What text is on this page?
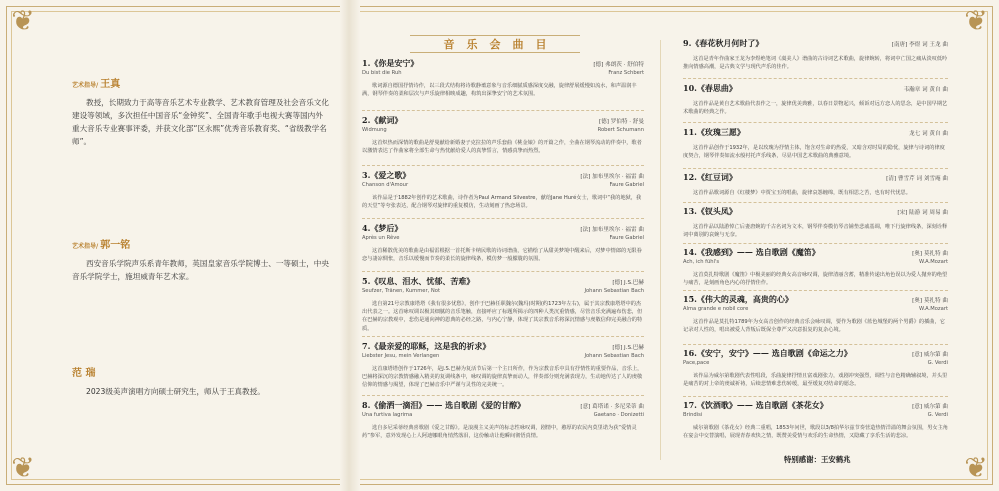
❦	❦
❦	❦
艺术指导/ 王真

教授，长期致力于高等音乐艺术专业教学、艺术教育管理及社会音乐文化建设等领域，多次担任中国音乐“金钟奖”、全国青年歌手电视大赛等国内外重大音乐专业赛事评委，并获文化部“区永熙”优秀音乐教育奖、“省级教学名师”。

艺术指导/ 郭一铭

西安音乐学院声乐系青年教师，英国皇家音乐学院博士、一等硕士，中央音乐学院学士，施坦威青年艺术家。

范 瑞

2023级美声演唱方向硕士研究生，师从于王真教授。

音乐会曲目
1.《你是安宁》	[德] 弗朗茨 · 舒伯特
Du bist die Ruh	Franz Schbert

歌词源自德国抒情诗作，以三段式结构将诗歌静谧意象与音乐细腻质感深度交融，旋律舒展缓慢如流水，和声温润丰满，钢琴伴奏的柔和层次与声乐旋律相映成趣，构筑出深挚安宁的艺术氛围。

2.《献词》	[德] 罗伯特 · 舒曼
Widmung	Robert Schumann

这首炽热而深情的歌曲是舒曼献给新婚妻子克拉拉的声乐套曲《桃金娘》的开篇之作，全曲在钢琴流动的伴奏中，歌者以激情表达了作曲家将全部生命与热忱献给爱人的真挚誓言，情感真挚而热烈。

3.《爱之歌》	[法] 加布里埃尔 · 福雷 曲
Chanson d'Amour	Faure Gabriel

该作品是于1882年创作的艺术歌曲，诗作者为Paul Armand Silvestre，献给Jane Huré女士，歌词中“我的地狱，我的天堂”等夸张表达，配合钢琴对旋律的重复模仿，生动刻画了热恋场景。

4.《梦后》	[法] 加布里埃尔 · 福雷 曲
Après un Rêve	Faure Gabriel

这首稀散优美的歌曲是由福雷根据一首托斯卡纳民歌的诗词谱曲，它描绘了从甜美梦境中醒来后，对梦中情郎的无限眷恋与凄凉惆怅，音乐以缓慢而节奏的柔长的旋律线条，模仿梦一般朦胧的氛围。

5.《叹息、泪水、忧郁、苦难》	[德] J.S.巴赫
Seufzer, Tränen, Kummer, Not	Johann Sebastian Bach

选自第21号宗教康塔塔《我有很多忧愁》，创作于巴赫任职魏尔(魏玛)时期(约1723年左右)，属于其宗教康塔塔中的杰出代表之一。这首咏叹调以极其细腻的音乐笔触，直接呼应了标题所揭示的四种人类沉重情感，尽管音乐充满遍布伤悲，但在巴赫的宗教观中，悲伤是通向神的恩典的必经之路，与内心宁静，体现了其宗教音乐将深沉情感与虔敬信仰完美融合的特质。

7.《最亲爱的耶稣，这是我的祈求》	[德] J.S.巴赫
Liebster Jesu, mein Verlangen	Johann Sebastian Bach

这首康塔塔创作于1726年，是J.S.巴赫为复活节后第一个主日所作，作为宗教音乐中具有抒情性的重要作品，音乐上，巴赫将深沉的宗教情感融入精美的复调线条中，咏叹调的旋律真挚而动人，伴奏部分则充满表现力，生动地传达了人的虔敬信仰的情感与渴望，体现了巴赫音乐中严谨与灵性的完美统一。

8.《偷洒一滴泪》—— 选自歌剧《爱的甘醇》	[意] 葛塔诺 · 多尼采蒂 曲
Una furtiva lagrima	Gaetano · Donizetti

选自多尼采蒂经典喜歌剧《爱之甘醇》。是浪漫主义美声的标志性咏叹调，剧情中，憨厚的农民内莫里诺为获“爱情灵药”参军，意外发现心上人阿迪娜眼角悄然落泪，这份触动让他瞬间彻悟真情。

9.《春花秋月何时了》	[南唐] 李煜 词 王龙 曲

这首是青年作曲家王龙为李煜绝笔词《虞美人》谱曲的古诗词艺术歌曲，旋律婉转，将词中亡国之痛从淡叹低吟推向情感高潮，是古典文学与现代声乐的佳作。

10.《春思曲》	韦瀚章 词 黄自 曲

这首作品是黄自艺术歌曲代表作之一，旋律优美典雅，以春日景物起兴，倾诉对远方恋人的思念，是中国早期艺术歌曲的经典之作。

11.《玫瑰三愿》	龙七 词 黄自 曲

这首作品创作于1932年，是以玫瑰为抒情主体，饱含对生命的热爱，又暗含对时局的隐忧，旋律与诗词的律度度契合，钢琴伴奏如流水般衬托声乐线条，尽显中国艺术歌曲的典雅意境。

12.《红豆词》	[清] 曹雪芹 词 刘雪庵 曲

这首作品歌词源自《红楼梦》中贾宝玉的唱曲，旋律哀怨缠绵，既有相思之苦，也有时代忧思。

13.《钗头凤》	[宋] 陆游 词 周易 曲

这首作品以陆游悼亡后妻唐婉的千古名词为文本，钢琴伴奏模仿琴音铺垫悲戚基调，唯下行旋律线条，深刻诠释词中离别的哀婉与无奈。

14.《我感到》—— 选自歌剧《魔笛》	[奥] 莫扎特 曲
Ach, ich fühl's	W.A.Mozart

这首莫扎特歌剧《魔笛》中极美丽的经典女高音咏叹调，旋律清丽含蓄，精准传递出角色误以为爱人抛弃的绝望与痛苦，是刻画角色内心的抒情佳作。

15.《伟大的灵魂，高贵的心》	[奥] 莫扎特 曲
Alma grande e nobil core	W.A.Mozart

这首作品是莫扎特1789年为女高音创作的经典音乐会咏叹调，要作为歌剧《蓝色城堡的两个男爵》的插曲，它记录对人性的，唱出被爱人背叛后既保全尊严又决意报复的复杂心境。

16.《安宁，安宁》—— 选自歌剧《命运之力》	[意] 威尔第 曲
Pace,pace	G. Verdi

该作品为威尔第歌剧代表性唱段，乐曲旋律抒情且富戏剧张力，戏剧冲突强烈，调性与音色精确辅叙境，并头里是痛苦的对上帝的虔诚祈祷，后续悲情难悲伤转缓，最至缓复对结命的愿念。

17.《饮酒歌》—— 选自歌剧《茶花女》	[意] 威尔第 曲
Brindisi	G. Verdi

威尔第歌剧《茶花女》经典二重唱，1853年问世，歌段以3/8拍华尔兹节奏营造热情洋溢的舞会氛围，男女主角在宴会中交替演唱，展现青春欢快之情，既赞美爱情与欢乐的生命热情，又隐藏了享乐生活的悲凉。

特别感谢：王安鹤兆
